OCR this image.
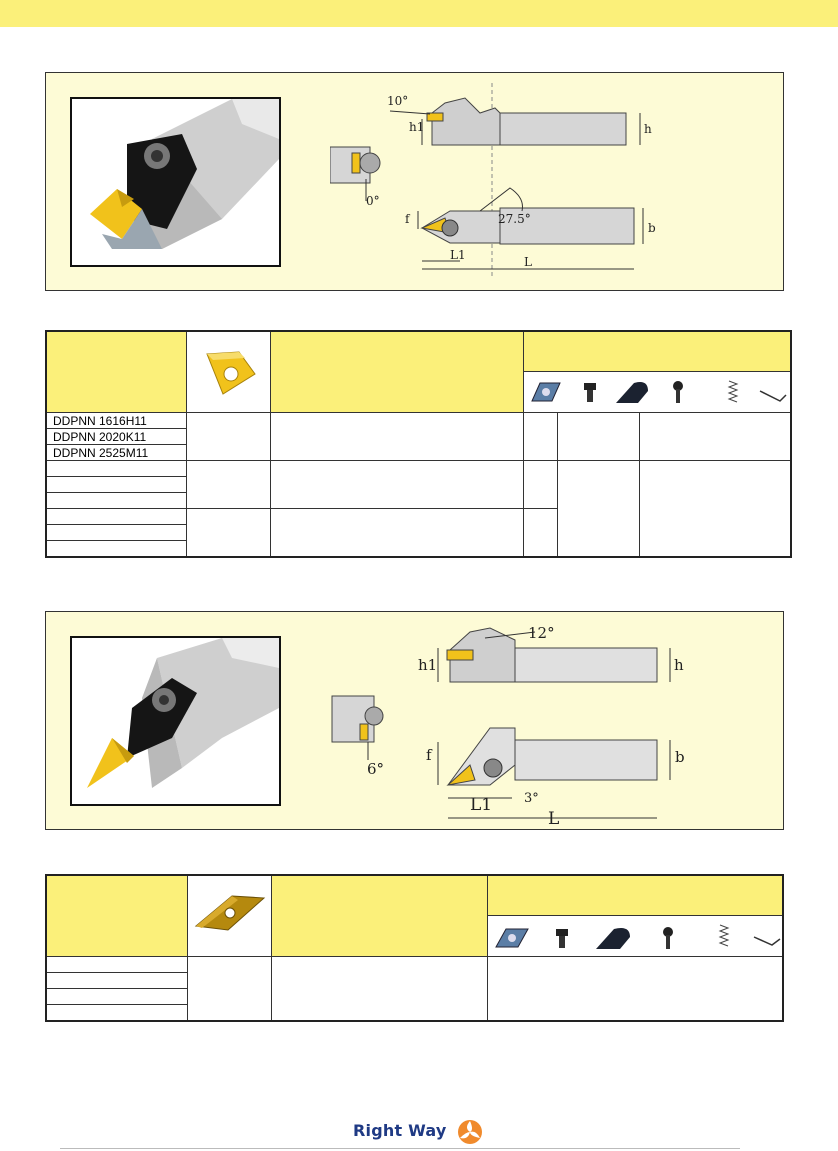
10°
h1	h
0°
f	27.5°
b
L1	L

DDPNN 1616H11					
DDPNN 2020K11					
DDPNN 2525M11					

12°
h1	h
6°
f	b
L1 3°
L

Right Way
